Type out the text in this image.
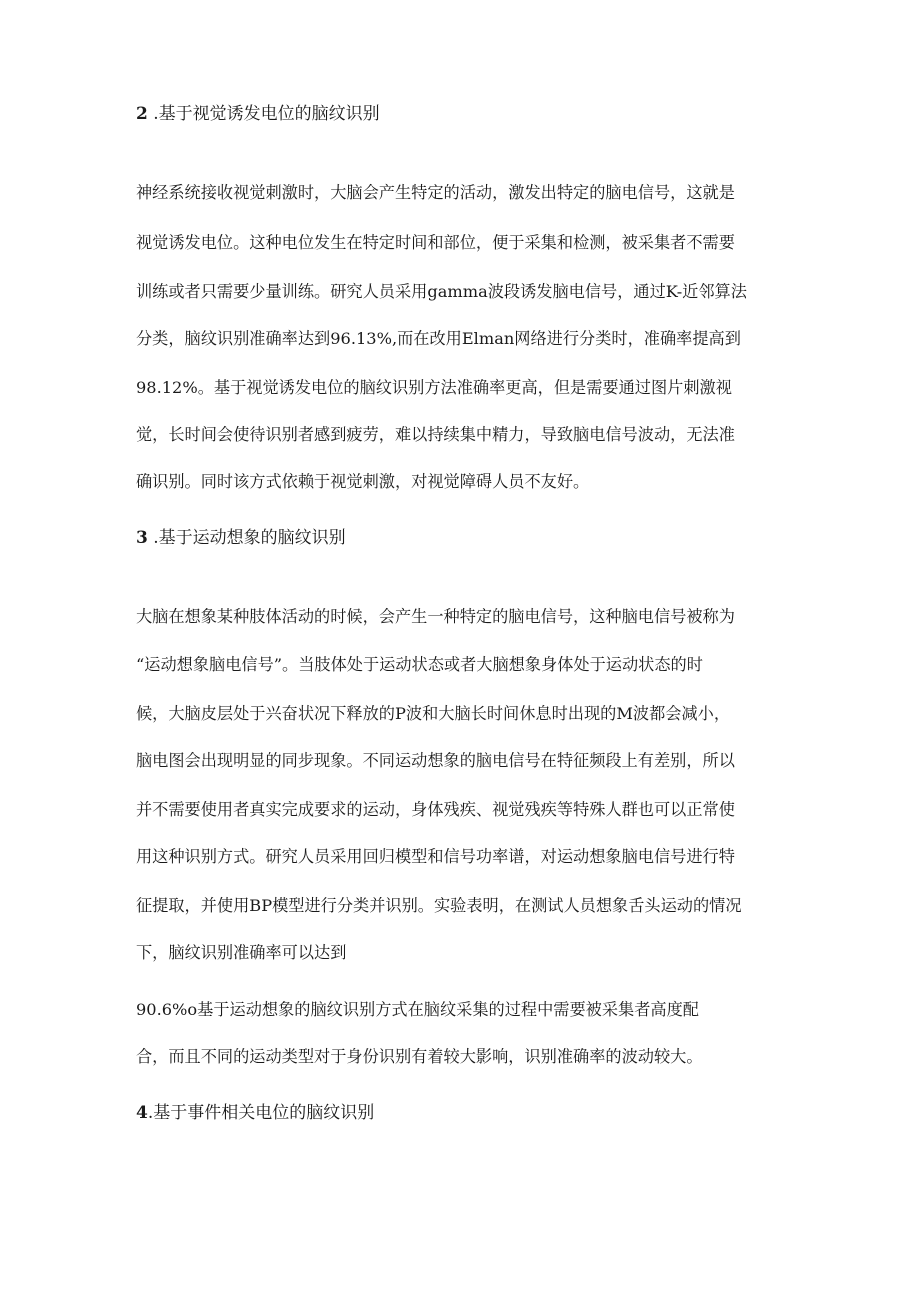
2 .基于视觉诱发电位的脑纹识别
神经系统接收视觉刺激时，大脑会产生特定的活动，激发出特定的脑电信号，这就是
视觉诱发电位。这种电位发生在特定时间和部位，便于采集和检测，被采集者不需要
训练或者只需要少量训练。研究人员采用gamma波段诱发脑电信号，通过K-近邻算法
分类，脑纹识别准确率达到96.13%,而在改用Elman网络进行分类时，准确率提高到
98.12%。基于视觉诱发电位的脑纹识别方法准确率更高，但是需要通过图片刺激视
觉，长时间会使待识别者感到疲劳，难以持续集中精力，导致脑电信号波动，无法准
确识别。同时该方式依赖于视觉刺激，对视觉障碍人员不友好。
3 .基于运动想象的脑纹识别
大脑在想象某种肢体活动的时候，会产生一种特定的脑电信号，这种脑电信号被称为
“运动想象脑电信号”。当肢体处于运动状态或者大脑想象身体处于运动状态的时
候，大脑皮层处于兴奋状况下释放的P波和大脑长时间休息时出现的M波都会减小，
脑电图会出现明显的同步现象。不同运动想象的脑电信号在特征频段上有差别，所以
并不需要使用者真实完成要求的运动，身体残疾、视觉残疾等特殊人群也可以正常使
用这种识别方式。研究人员采用回归模型和信号功率谱，对运动想象脑电信号进行特
征提取，并使用BP模型进行分类并识别。实验表明，在测试人员想象舌头运动的情况
下，脑纹识别准确率可以达到
90.6%o基于运动想象的脑纹识别方式在脑纹采集的过程中需要被采集者高度配
合，而且不同的运动类型对于身份识别有着较大影响，识别准确率的波动较大。
4.基于事件相关电位的脑纹识别
